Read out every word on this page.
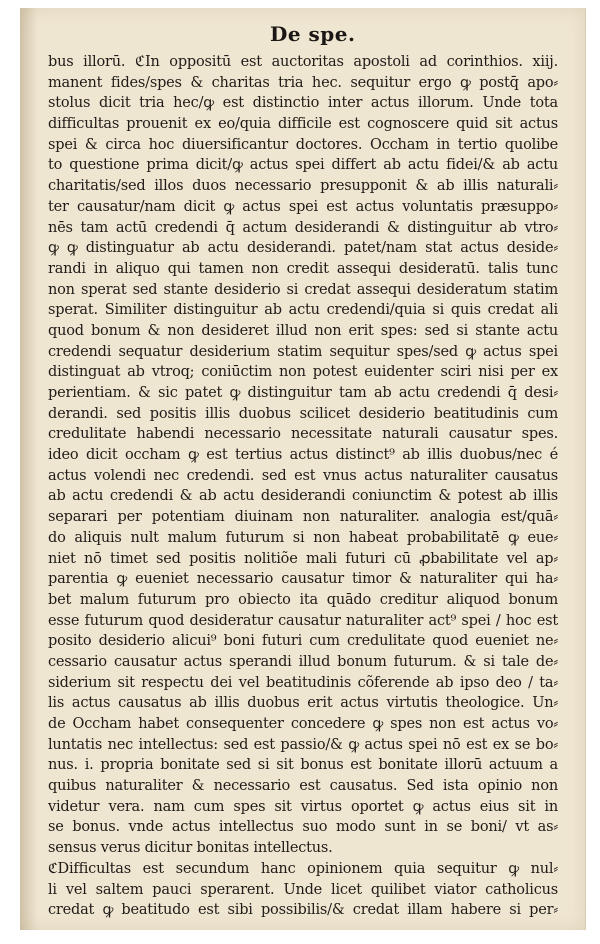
De spe.
bus illorū. ℭIn oppositū est auctoritas apostoli ad corinthios. xiij.
manent fides/spes & charitas tria hec. sequitur ergo ꝙ postq̄ apo⸗
stolus dicit tria hec/ꝙ est distinctio inter actus illorum. Unde tota
difficultas prouenit ex eo/quia difficile est cognoscere quid sit actus
spei & circa hoc diuersificantur doctores. Occham in tertio quolibe
to questione prima dicit/ꝙ actus spei differt ab actu fidei/& ab actu
charitatis/sed illos duos necessario presupponit & ab illis naturali⸗
ter causatur/nam dicit ꝙ actus spei est actus voluntatis præsuppo⸗
nēs tam actū credendi q̄ actum desiderandi & distinguitur ab vtro⸗
ꝙ ꝙ distinguatur ab actu desiderandi. patet/nam stat actus deside⸗
randi in aliquo qui tamen non credit assequi desideratū. talis tunc
non sperat sed stante desiderio si credat assequi desideratum statim
sperat. Similiter distinguitur ab actu credendi/quia si quis credat ali
quod bonum & non desideret illud non erit spes: sed si stante actu
credendi sequatur desiderium statim sequitur spes/sed ꝙ actus spei
distinguat ab vtroq; coniūctim non potest euidenter sciri nisi per ex
perientiam. & sic patet ꝙ distinguitur tam ab actu credendi q̄ desi⸗
derandi. sed positis illis duobus scilicet desiderio beatitudinis cum
credulitate habendi necessario necessitate naturali causatur spes.
ideo dicit occham ꝙ est tertius actus distinct⁹ ab illis duobus/nec é
actus volendi nec credendi. sed est vnus actus naturaliter causatus
ab actu credendi & ab actu desiderandi coniunctim & potest ab illis
separari per potentiam diuinam non naturaliter. analogia est/quā⸗
do aliquis nult malum futurum si non habeat probabilitatē ꝙ eue⸗
niet nō timet sed positis nolitiõe mali futuri cū ꝓbabilitate vel ap⸗
parentia ꝙ eueniet necessario causatur timor & naturaliter qui ha⸗
bet malum futurum pro obiecto ita quādo creditur aliquod bonum
esse futurum quod desideratur causatur naturaliter act⁹ spei / hoc est
posito desiderio alicui⁹ boni futuri cum credulitate quod eueniet ne⸗
cessario causatur actus sperandi illud bonum futurum. & si tale de⸗
siderium sit respectu dei vel beatitudinis cõferende ab ipso deo / ta⸗
lis actus causatus ab illis duobus erit actus virtutis theologice. Un⸗
de Occham habet consequenter concedere ꝙ spes non est actus vo⸗
luntatis nec intellectus: sed est passio/& ꝙ actus spei nō est ex se bo⸗
nus. i. propria bonitate sed si sit bonus est bonitate illorū actuum a
quibus naturaliter & necessario est causatus. Sed ista opinio non
videtur vera. nam cum spes sit virtus oportet ꝙ actus eius sit in
se bonus. vnde actus intellectus suo modo sunt in se boni/ vt as⸗
sensus verus dicitur bonitas intellectus.
ℭDifficultas est secundum hanc opinionem quia sequitur ꝙ nul⸗
li vel saltem pauci sperarent. Unde licet quilibet viator catholicus
credat ꝙ beatitudo est sibi possibilis/& credat illam habere si per⸗
